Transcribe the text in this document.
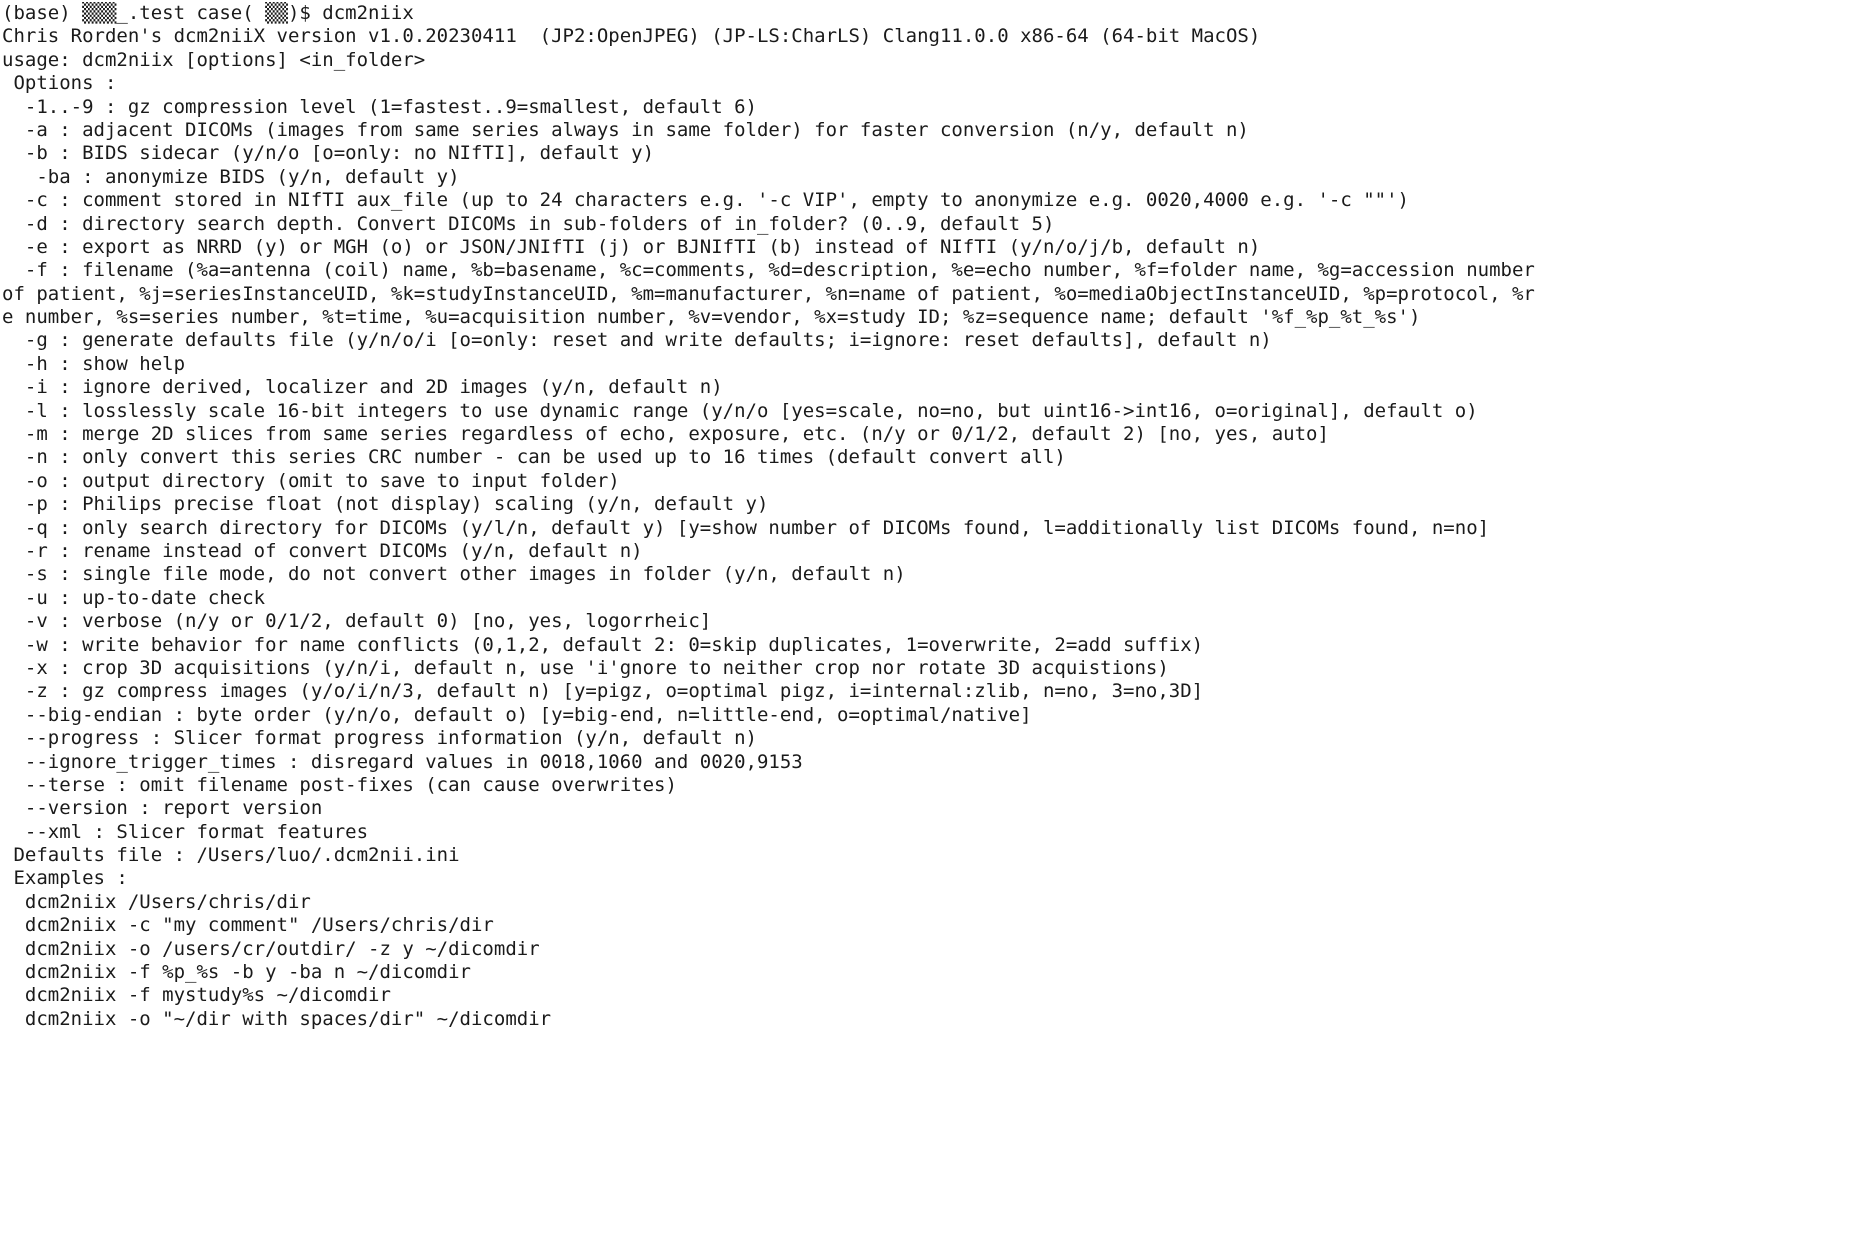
(base) ▒▒▒_.test case( ▒▒)$ dcm2niix
Chris Rorden's dcm2niiX version v1.0.20230411  (JP2:OpenJPEG) (JP-LS:CharLS) Clang11.0.0 x86-64 (64-bit MacOS)
usage: dcm2niix [options] <in_folder>
Options :
-1..-9 : gz compression level (1=fastest..9=smallest, default 6)
-a : adjacent DICOMs (images from same series always in same folder) for faster conversion (n/y, default n)
-b : BIDS sidecar (y/n/o [o=only: no NIfTI], default y)
-ba : anonymize BIDS (y/n, default y)
-c : comment stored in NIfTI aux_file (up to 24 characters e.g. '-c VIP', empty to anonymize e.g. 0020,4000 e.g. '-c ""')
-d : directory search depth. Convert DICOMs in sub-folders of in_folder? (0..9, default 5)
-e : export as NRRD (y) or MGH (o) or JSON/JNIfTI (j) or BJNIfTI (b) instead of NIfTI (y/n/o/j/b, default n)
-f : filename (%a=antenna (coil) name, %b=basename, %c=comments, %d=description, %e=echo number, %f=folder name, %g=accession number
of patient, %j=seriesInstanceUID, %k=studyInstanceUID, %m=manufacturer, %n=name of patient, %o=mediaObjectInstanceUID, %p=protocol, %r
e number, %s=series number, %t=time, %u=acquisition number, %v=vendor, %x=study ID; %z=sequence name; default '%f_%p_%t_%s')
-g : generate defaults file (y/n/o/i [o=only: reset and write defaults; i=ignore: reset defaults], default n)
-h : show help
-i : ignore derived, localizer and 2D images (y/n, default n)
-l : losslessly scale 16-bit integers to use dynamic range (y/n/o [yes=scale, no=no, but uint16->int16, o=original], default o)
-m : merge 2D slices from same series regardless of echo, exposure, etc. (n/y or 0/1/2, default 2) [no, yes, auto]
-n : only convert this series CRC number - can be used up to 16 times (default convert all)
-o : output directory (omit to save to input folder)
-p : Philips precise float (not display) scaling (y/n, default y)
-q : only search directory for DICOMs (y/l/n, default y) [y=show number of DICOMs found, l=additionally list DICOMs found, n=no]
-r : rename instead of convert DICOMs (y/n, default n)
-s : single file mode, do not convert other images in folder (y/n, default n)
-u : up-to-date check
-v : verbose (n/y or 0/1/2, default 0) [no, yes, logorrheic]
-w : write behavior for name conflicts (0,1,2, default 2: 0=skip duplicates, 1=overwrite, 2=add suffix)
-x : crop 3D acquisitions (y/n/i, default n, use 'i'gnore to neither crop nor rotate 3D acquistions)
-z : gz compress images (y/o/i/n/3, default n) [y=pigz, o=optimal pigz, i=internal:zlib, n=no, 3=no,3D]
--big-endian : byte order (y/n/o, default o) [y=big-end, n=little-end, o=optimal/native]
--progress : Slicer format progress information (y/n, default n)
--ignore_trigger_times : disregard values in 0018,1060 and 0020,9153
--terse : omit filename post-fixes (can cause overwrites)
--version : report version
--xml : Slicer format features
Defaults file : /Users/luo/.dcm2nii.ini
Examples :
dcm2niix /Users/chris/dir
dcm2niix -c "my comment" /Users/chris/dir
dcm2niix -o /users/cr/outdir/ -z y ~/dicomdir
dcm2niix -f %p_%s -b y -ba n ~/dicomdir
dcm2niix -f mystudy%s ~/dicomdir
dcm2niix -o "~/dir with spaces/dir" ~/dicomdir
